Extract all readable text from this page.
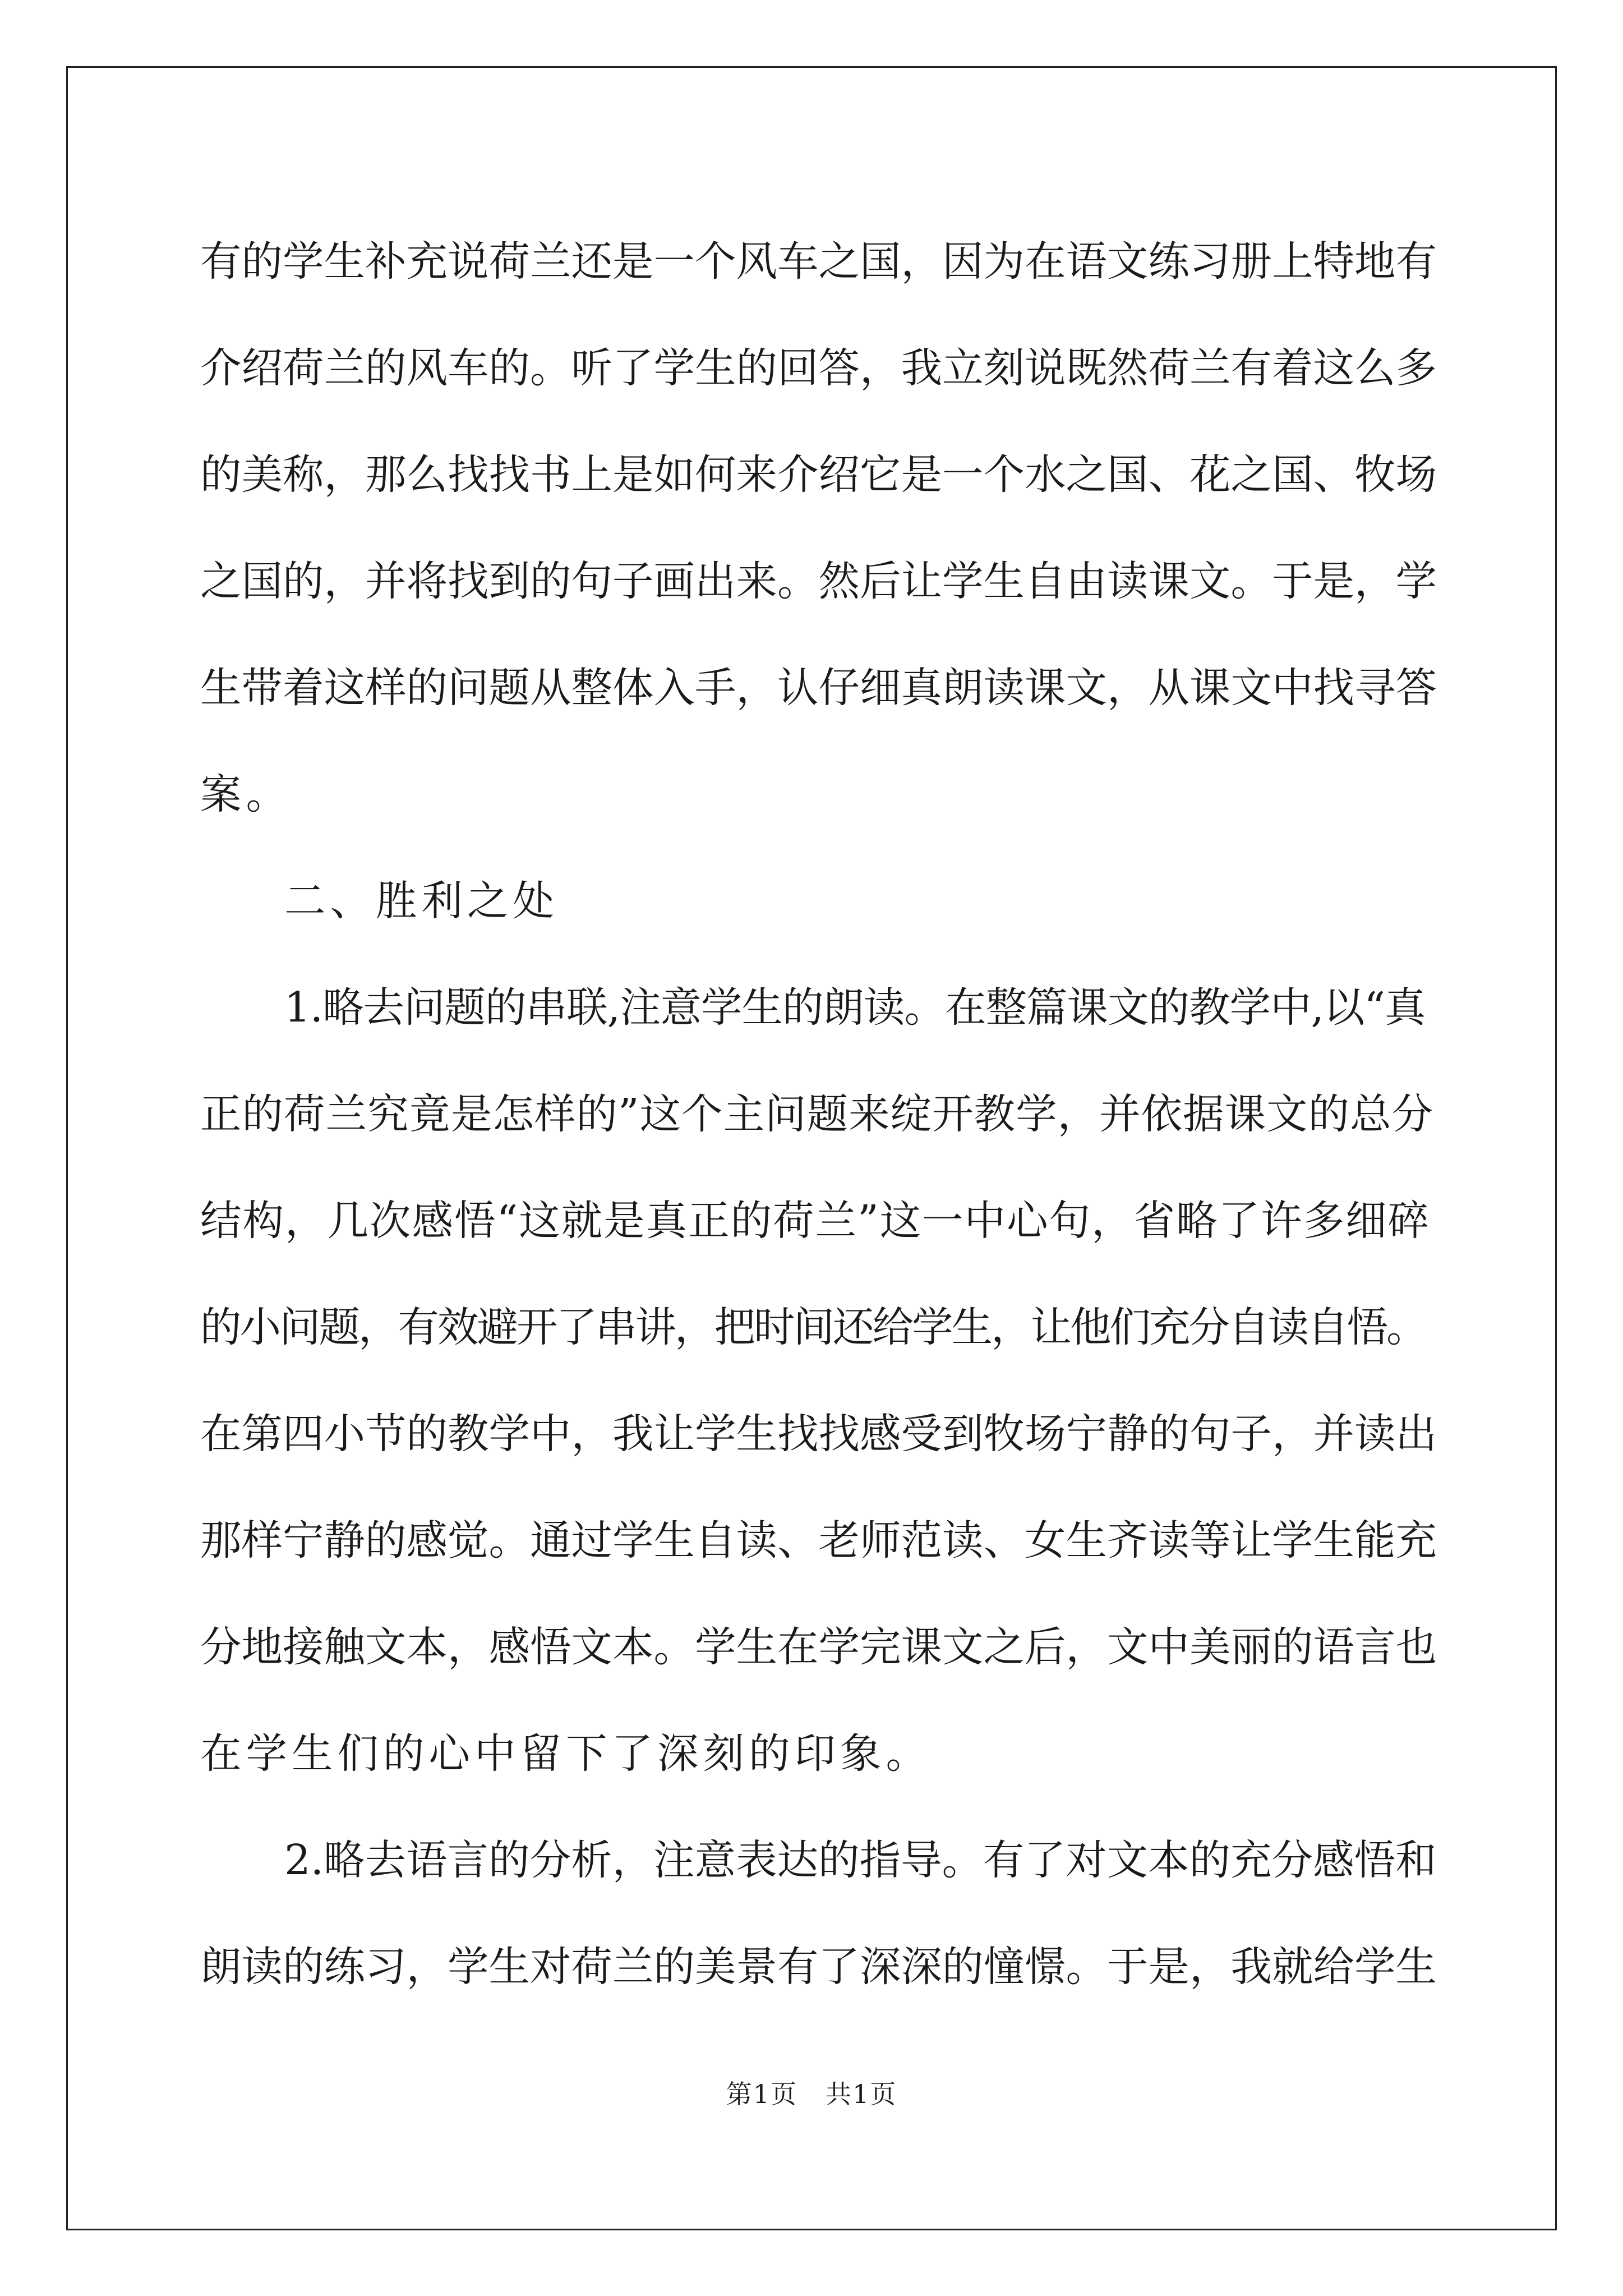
有的学生补充说荷兰还是一个风车之国，因为在语文练习册上特地有

介绍荷兰的风车的。听了学生的回答，我立刻说既然荷兰有着这么多

的美称，那么找找书上是如何来介绍它是一个水之国、花之国、牧场

之国的，并将找到的句子画出来。然后让学生自由读课文。于是，学

生带着这样的问题从整体入手，认仔细真朗读课文，从课文中找寻答

案。

二、胜利之处

1.略去问题的串联,注意学生的朗读。在整篇课文的教学中,以“真

正的荷兰究竟是怎样的”这个主问题来绽开教学，并依据课文的总分

结构，几次感悟“这就是真正的荷兰”这一中心句，省略了许多细碎

的小问题，有效避开了串讲，把时间还给学生，让他们充分自读自悟。

在第四小节的教学中，我让学生找找感受到牧场宁静的句子，并读出

那样宁静的感觉。通过学生自读、老师范读、女生齐读等让学生能充

分地接触文本，感悟文本。学生在学完课文之后，文中美丽的语言也

在学生们的心中留下了深刻的印象。

2.略去语言的分析，注意表达的指导。有了对文本的充分感悟和

朗读的练习，学生对荷兰的美景有了深深的憧憬。于是，我就给学生

第1页 共1页
